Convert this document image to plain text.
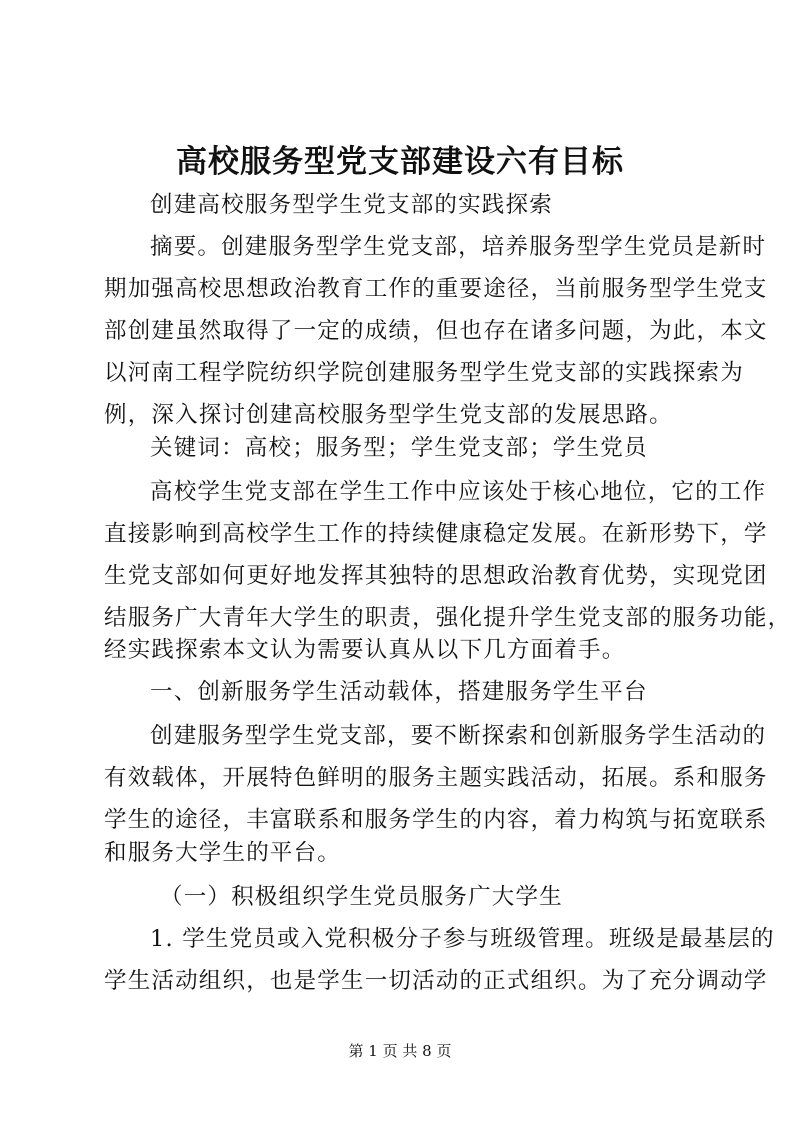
高校服务型党支部建设六有目标
创建高校服务型学生党支部的实践探索
摘要。创建服务型学生党支部，培养服务型学生党员是新时
期加强高校思想政治教育工作的重要途径，当前服务型学生党支
部创建虽然取得了一定的成绩，但也存在诸多问题，为此，本文
以河南工程学院纺织学院创建服务型学生党支部的实践探索为
例，深入探讨创建高校服务型学生党支部的发展思路。
关键词：高校；服务型；学生党支部；学生党员
高校学生党支部在学生工作中应该处于核心地位，它的工作
直接影响到高校学生工作的持续健康稳定发展。在新形势下，学
生党支部如何更好地发挥其独特的思想政治教育优势，实现党团
结服务广大青年大学生的职责，强化提升学生党支部的服务功能，
经实践探索本文认为需要认真从以下几方面着手。
一、创新服务学生活动载体，搭建服务学生平台
创建服务型学生党支部，要不断探索和创新服务学生活动的
有效载体，开展特色鲜明的服务主题实践活动，拓展。系和服务
学生的途径，丰富联系和服务学生的内容，着力构筑与拓宽联系
和服务大学生的平台。
（一）积极组织学生党员服务广大学生
1. 学生党员或入党积极分子参与班级管理。班级是最基层的
学生活动组织，也是学生一切活动的正式组织。为了充分调动学
第 1 页 共 8 页
